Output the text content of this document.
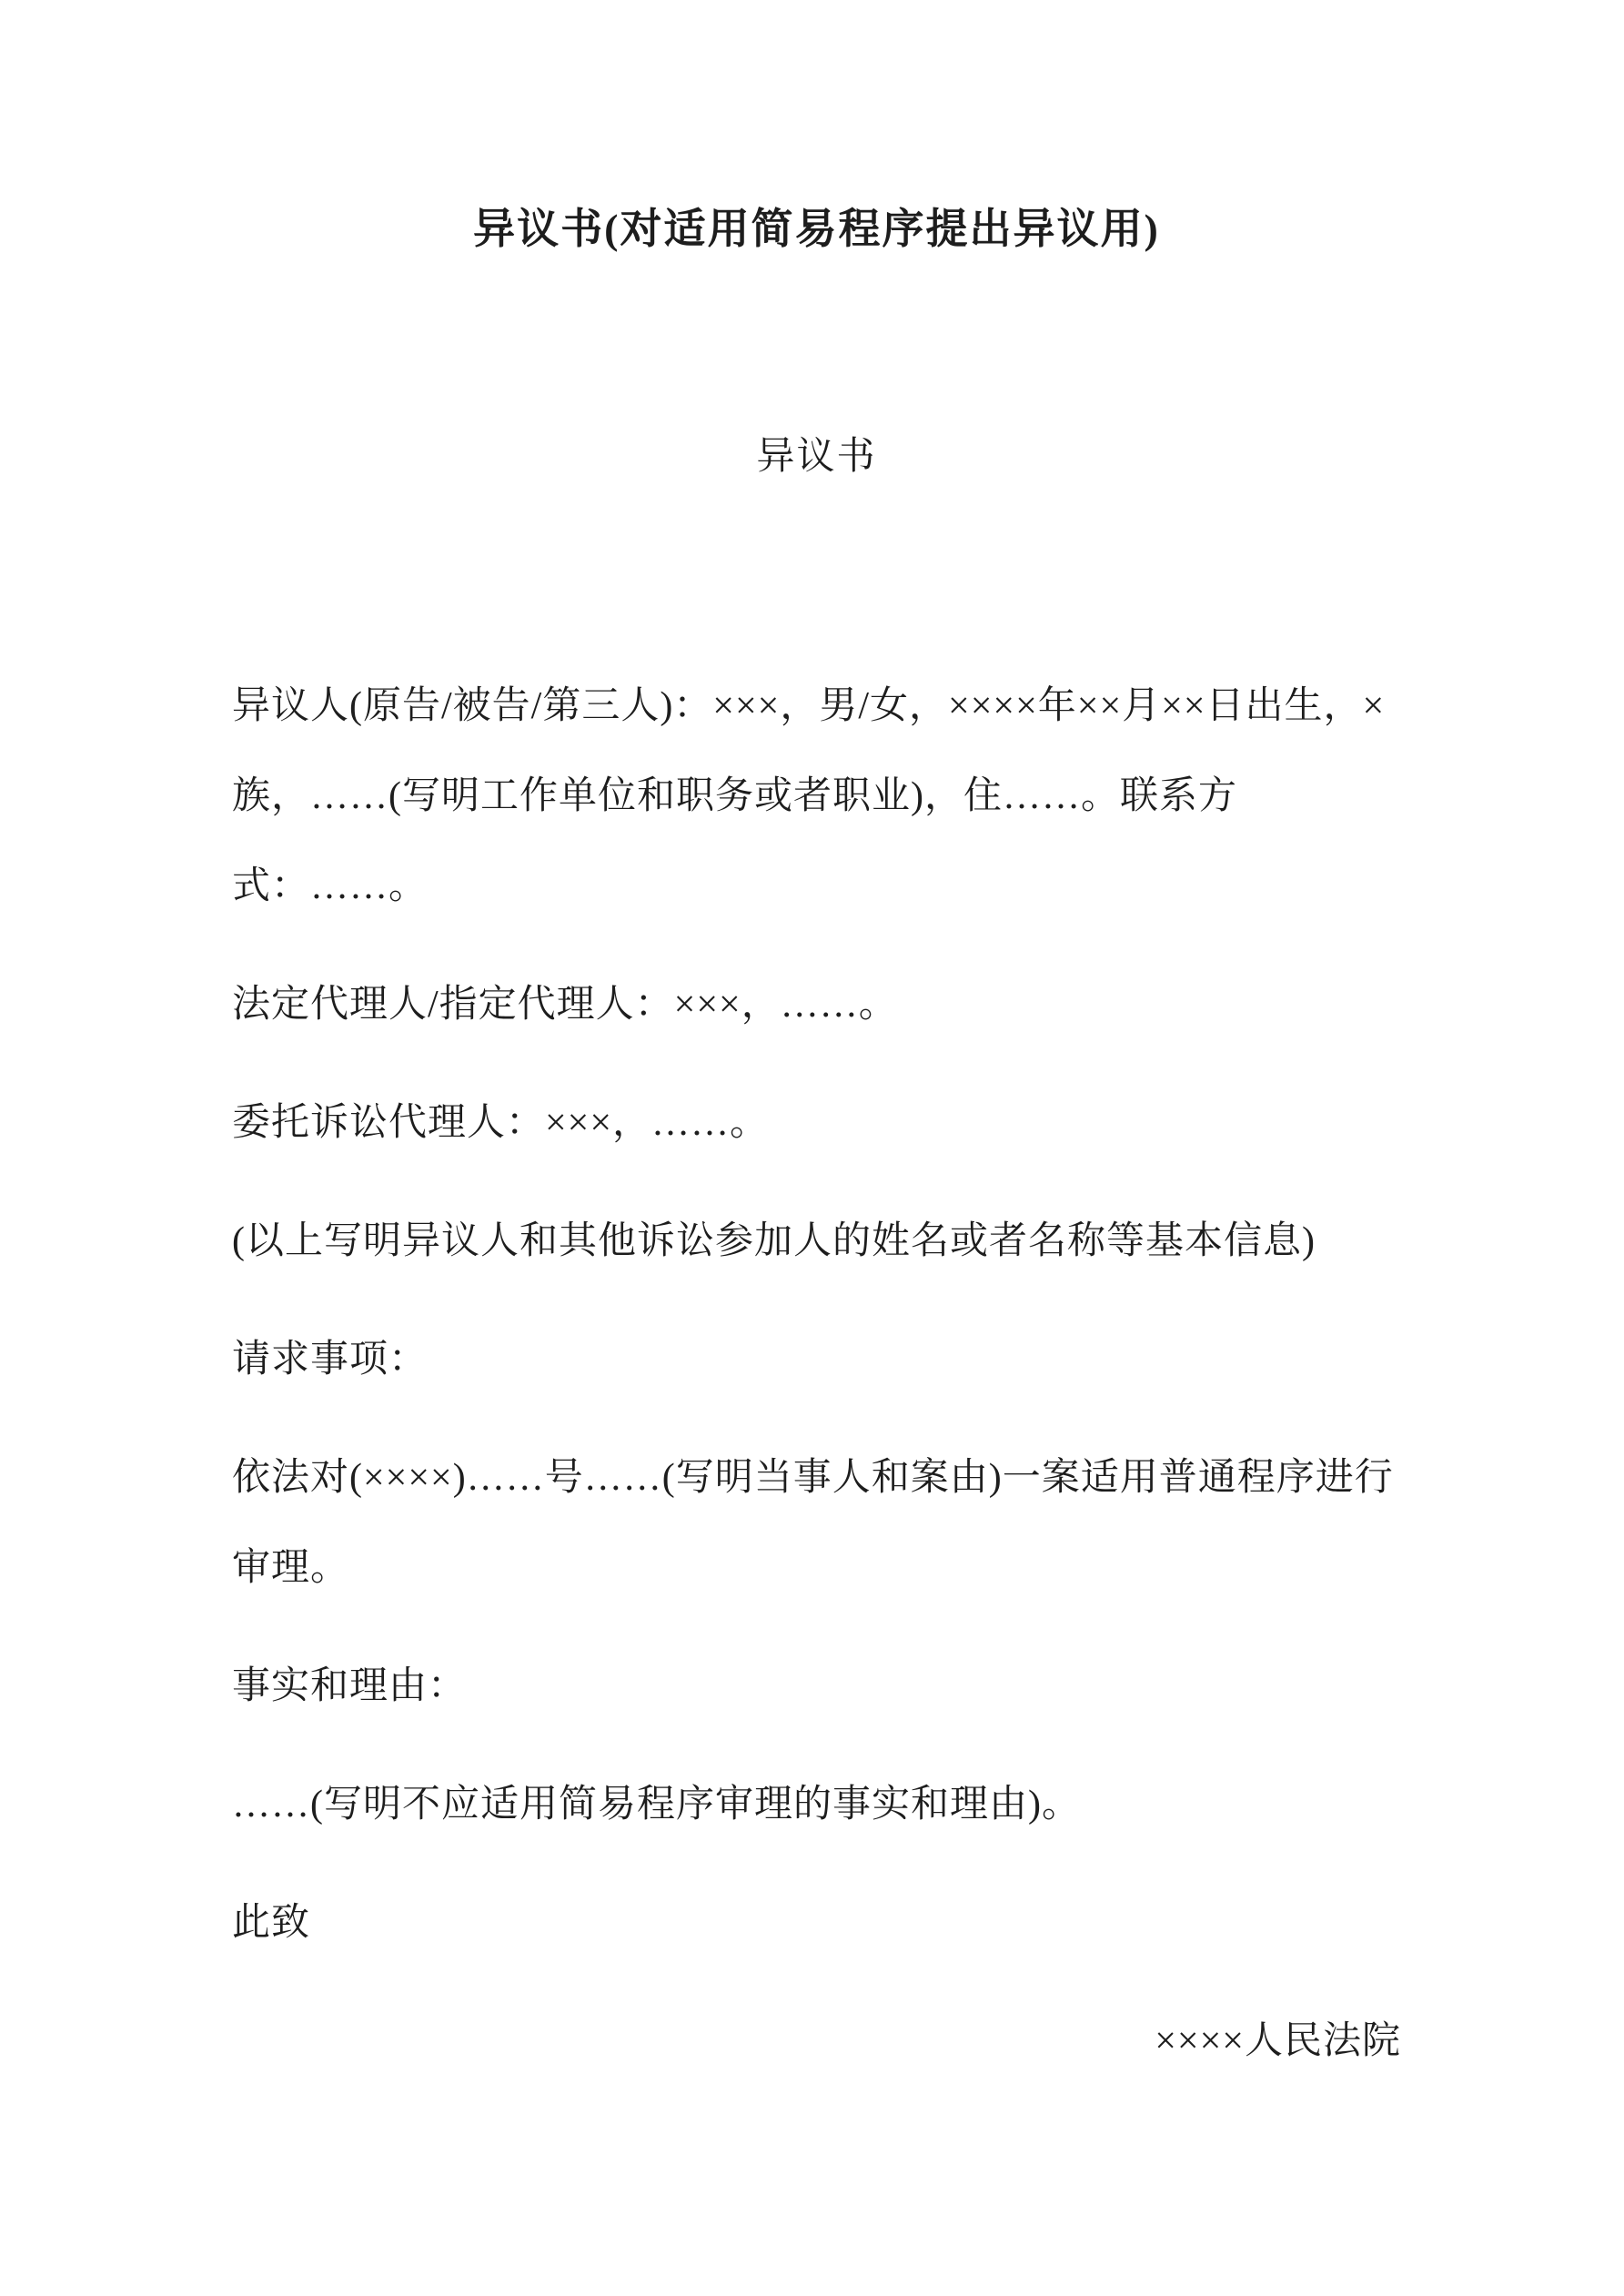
异议书(对适用简易程序提出异议用)
异议书

异议人(原告/被告/第三人)：×××，男/女，××××年××月××日出生，×族，……(写明工作单位和职务或者职业)，住……。联系方式：……。

法定代理人/指定代理人：×××，……。

委托诉讼代理人：×××，……。

(以上写明异议人和其他诉讼参加人的姓名或者名称等基本信息)

请求事项：

依法对(××××)……号……(写明当事人和案由)一案适用普通程序进行审理。

事实和理由：

……(写明不应适用简易程序审理的事实和理由)。

此致

××××人民法院
